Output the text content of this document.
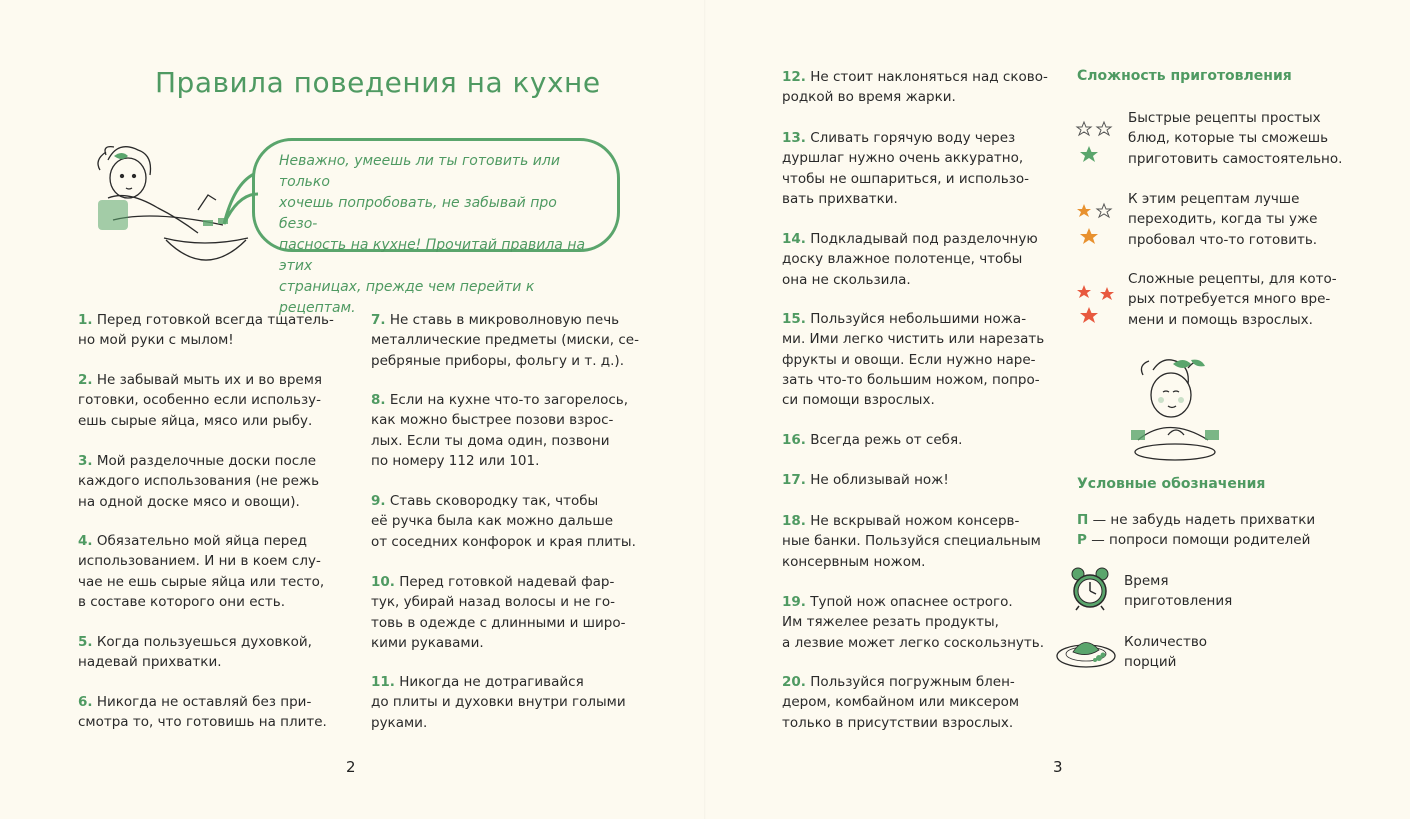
Правила поведения на кухне
Неважно, умеешь ли ты готовить или только
хочешь попробовать, не забывай про безо-
пасность на кухне! Прочитай правила на этих
страницах, прежде чем перейти к рецептам.
1. Перед готовкой всегда тщатель-
но мой руки с мылом!
2. Не забывай мыть их и во время
готовки, особенно если использу-
ешь сырые яйца, мясо или рыбу.
3. Мой разделочные доски после
каждого использования (не режь
на одной доске мясо и овощи).
4. Обязательно мой яйца перед
использованием. И ни в коем слу-
чае не ешь сырые яйца или тесто,
в составе которого они есть.
5. Когда пользуешься духовкой,
надевай прихватки.
6. Никогда не оставляй без при-
смотра то, что готовишь на плите.
7. Не ставь в микроволновую печь
металлические предметы (миски, се-
ребряные приборы, фольгу и т. д.).
8. Если на кухне что-то загорелось,
как можно быстрее позови взрос-
лых. Если ты дома один, позвони
по номеру 112 или 101.
9. Ставь сковородку так, чтобы
её ручка была как можно дальше
от соседних конфорок и края плиты.
10. Перед готовкой надевай фар-
тук, убирай назад волосы и не го-
товь в одежде с длинными и широ-
кими рукавами.
11. Никогда не дотрагивайся
до плиты и духовки внутри голыми
руками.
2
12. Не стоит наклоняться над сково-
родкой во время жарки.
13. Сливать горячую воду через
дуршлаг нужно очень аккуратно,
чтобы не ошпариться, и использо-
вать прихватки.
14. Подкладывай под разделочную
доску влажное полотенце, чтобы
она не скользила.
15. Пользуйся небольшими ножа-
ми. Ими легко чистить или нарезать
фрукты и овощи. Если нужно наре-
зать что-то большим ножом, попро-
си помощи взрослых.
16. Всегда режь от себя.
17. Не облизывай нож!
18. Не вскрывай ножом консерв-
ные банки. Пользуйся специальным
консервным ножом.
19. Тупой нож опаснее острого.
Им тяжелее резать продукты,
а лезвие может легко соскользнуть.
20. Пользуйся погружным блен-
дером, комбайном или миксером
только в присутствии взрослых.
3
Сложность приготовления
Быстрые рецепты простых
блюд, которые ты сможешь
приготовить самостоятельно.
К этим рецептам лучше
переходить, когда ты уже
пробовал что-то готовить.
Сложные рецепты, для кото-
рых потребуется много вре-
мени и помощь взрослых.
Условные обозначения
П — не забудь надеть прихватки
Р — попроси помощи родителей
Время
приготовления
Количество
порций
